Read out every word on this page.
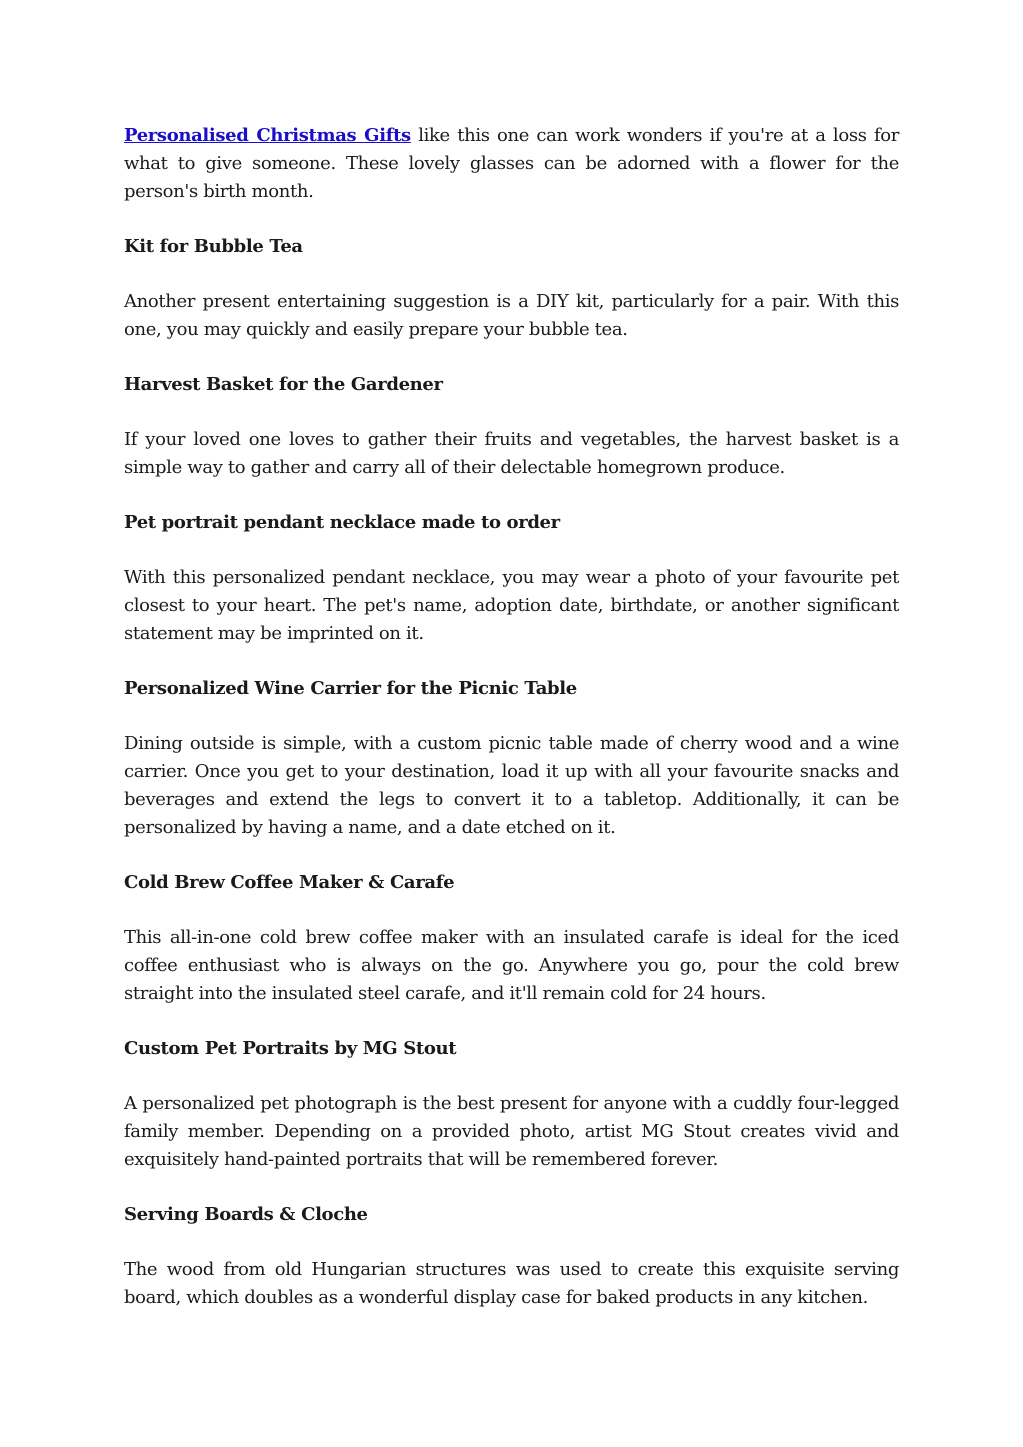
Personalised Christmas Gifts like this one can work wonders if you're at a loss for what to give someone. These lovely glasses can be adorned with a flower for the person's birth month.

Kit for Bubble Tea

Another present entertaining suggestion is a DIY kit, particularly for a pair. With this one, you may quickly and easily prepare your bubble tea.

Harvest Basket for the Gardener

If your loved one loves to gather their fruits and vegetables, the harvest basket is a simple way to gather and carry all of their delectable homegrown produce.

Pet portrait pendant necklace made to order

With this personalized pendant necklace, you may wear a photo of your favourite pet closest to your heart. The pet's name, adoption date, birthdate, or another significant statement may be imprinted on it.

Personalized Wine Carrier for the Picnic Table

Dining outside is simple, with a custom picnic table made of cherry wood and a wine carrier. Once you get to your destination, load it up with all your favourite snacks and beverages and extend the legs to convert it to a tabletop. Additionally, it can be personalized by having a name, and a date etched on it.

Cold Brew Coffee Maker & Carafe

This all-in-one cold brew coffee maker with an insulated carafe is ideal for the iced coffee enthusiast who is always on the go. Anywhere you go, pour the cold brew straight into the insulated steel carafe, and it'll remain cold for 24 hours.

Custom Pet Portraits by MG Stout

A personalized pet photograph is the best present for anyone with a cuddly four-legged family member. Depending on a provided photo, artist MG Stout creates vivid and exquisitely hand-painted portraits that will be remembered forever.

Serving Boards & Cloche

The wood from old Hungarian structures was used to create this exquisite serving board, which doubles as a wonderful display case for baked products in any kitchen.
